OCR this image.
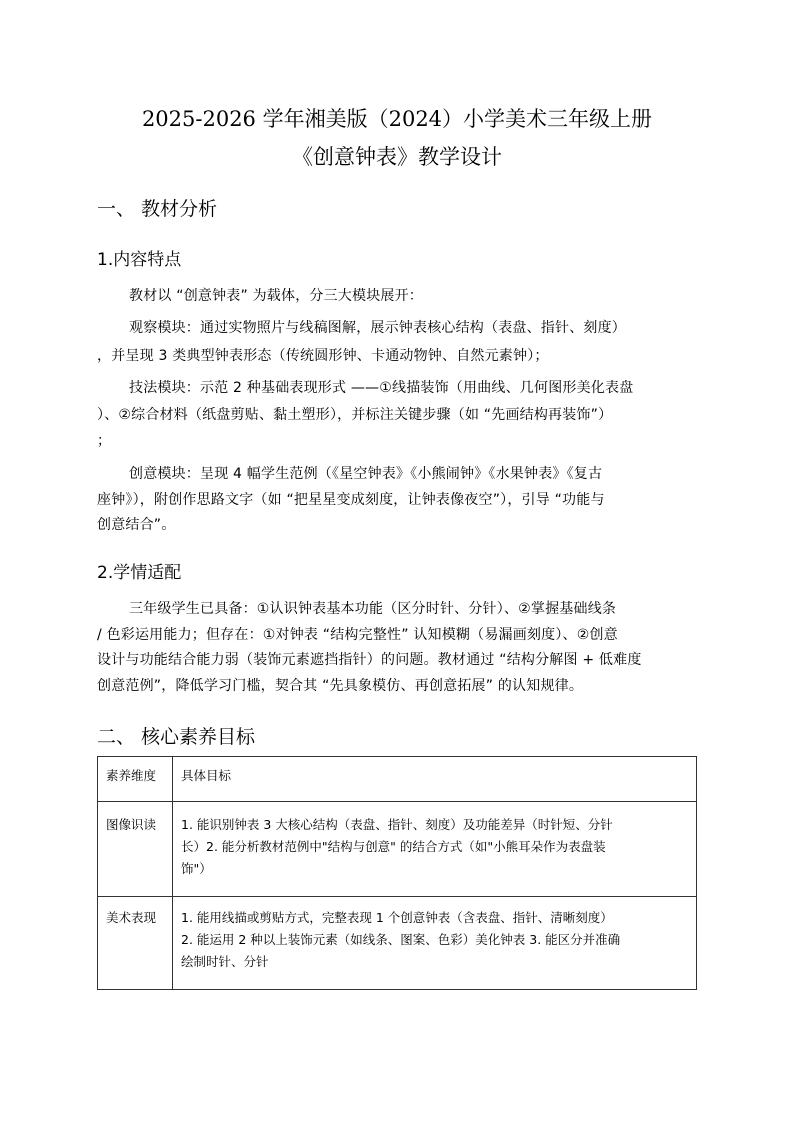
2025-2026 学年湘美版（2024）小学美术三年级上册
《创意钟表》教学设计
一、 教材分析
1.内容特点
教材以 “创意钟表” 为载体，分三大模块展开：
观察模块：通过实物照片与线稿图解，展示钟表核心结构（表盘、指针、刻度）
，并呈现 3 类典型钟表形态（传统圆形钟、卡通动物钟、自然元素钟）；
技法模块：示范 2 种基础表现形式 ——①线描装饰（用曲线、几何图形美化表盘
）、②综合材料（纸盘剪贴、黏土塑形），并标注关键步骤（如 “先画结构再装饰”）
；
创意模块：呈现 4 幅学生范例（《星空钟表》《小熊闹钟》《水果钟表》《复古
座钟》），附创作思路文字（如 “把星星变成刻度，让钟表像夜空”），引导 “功能与
创意结合”。
2.学情适配
三年级学生已具备：①认识钟表基本功能（区分时针、分针）、②掌握基础线条
/ 色彩运用能力；但存在：①对钟表 “结构完整性” 认知模糊（易漏画刻度）、②创意
设计与功能结合能力弱（装饰元素遮挡指针）的问题。教材通过 “结构分解图 + 低难度
创意范例”，降低学习门槛，契合其 “先具象模仿、再创意拓展” 的认知规律。
二、 核心素养目标
素养维度	具体目标

图像识读	1. 能识别钟表 3 大核心结构（表盘、指针、刻度）及功能差异（时针短、分针
长）2. 能分析教材范例中"结构与创意" 的结合方式（如"小熊耳朵作为表盘装
饰"）

美术表现	1. 能用线描或剪贴方式，完整表现 1 个创意钟表（含表盘、指针、清晰刻度）
2. 能运用 2 种以上装饰元素（如线条、图案、色彩）美化钟表 3. 能区分并准确
绘制时针、分针
